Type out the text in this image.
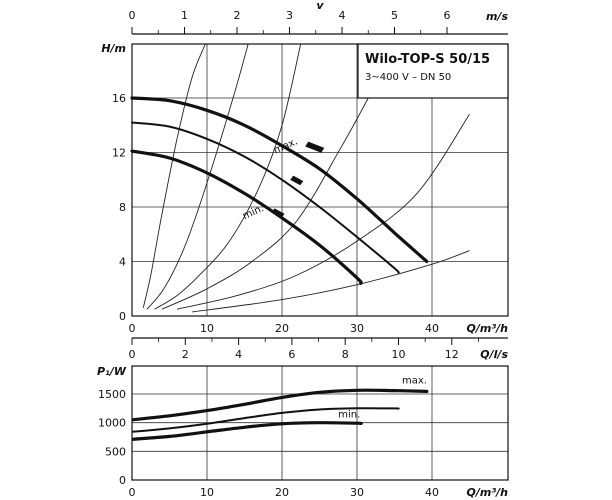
0	1	2	3	4	5	6
v
m/s
0
4
8
12
16
0	10	20	30	40
H/m
Q/m³/h
Wilo-TOP-S 50/15
3~400 V – DN 50
max.
min.
0	2	4	6	8	10	12 Q/l/s
0
500
1000
1500
0	10	20	30	40
P₁/W
Q/m³/h
max.
min.
